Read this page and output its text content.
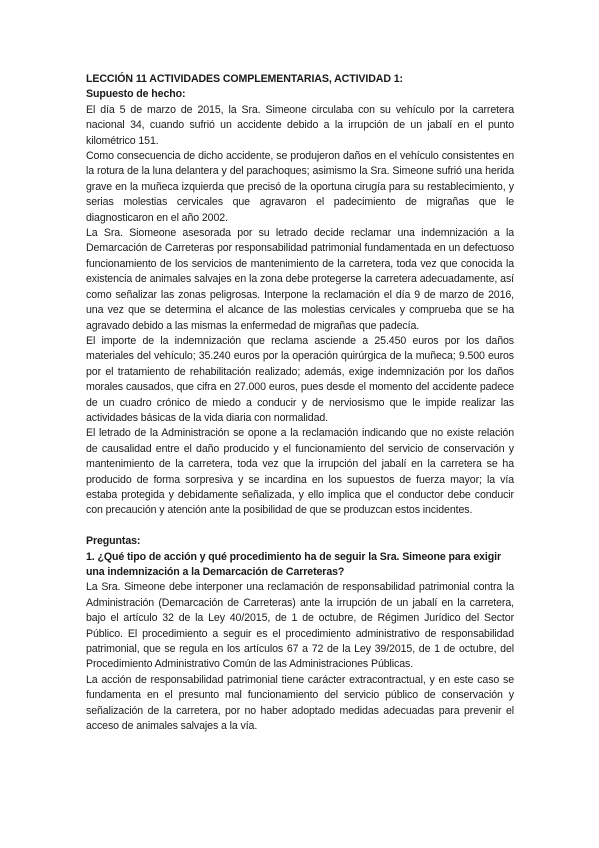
LECCIÓN 11 ACTIVIDADES COMPLEMENTARIAS, ACTIVIDAD 1:

Supuesto de hecho:

El día 5 de marzo de 2015, la Sra. Simeone circulaba con su vehículo por la carretera nacional 34, cuando sufrió un accidente debido a la irrupción de un jabalí en el punto kilométrico 151.

Como consecuencia de dicho accidente, se produjeron daños en el vehículo consistentes en la rotura de la luna delantera y del parachoques; asimismo la Sra. Simeone sufrió una herida grave en la muñeca izquierda que precisó de la oportuna cirugía para su restablecimiento, y serias molestias cervicales que agravaron el padecimiento de migrañas que le diagnosticaron en el año 2002.

La Sra. Siomeone asesorada por su letrado decide reclamar una indemnización a la Demarcación de Carreteras por responsabilidad patrimonial fundamentada en un defectuoso funcionamiento de los servicios de mantenimiento de la carretera, toda vez que conocida la existencia de animales salvajes en la zona debe protegerse la carretera adecuadamente, así como señalizar las zonas peligrosas. Interpone la reclamación el día 9 de marzo de 2016, una vez que se determina el alcance de las molestias cervicales y comprueba que se ha agravado debido a las mismas la enfermedad de migrañas que padecía.

El importe de la indemnización que reclama asciende a 25.450 euros por los daños materiales del vehículo; 35.240 euros por la operación quirúrgica de la muñeca; 9.500 euros por el tratamiento de rehabilitación realizado; además, exige indemnización por los daños morales causados, que cifra en 27.000 euros, pues desde el momento del accidente padece de un cuadro crónico de miedo a conducir y de nerviosismo que le impide realizar las actividades básicas de la vida diaria con normalidad.

El letrado de la Administración se opone a la reclamación indicando que no existe relación de causalidad entre el daño producido y el funcionamiento del servicio de conservación y mantenimiento de la carretera, toda vez que la irrupción del jabalí en la carretera se ha producido de forma sorpresiva y se incardina en los supuestos de fuerza mayor; la vía estaba protegida y debidamente señalizada, y ello implica que el conductor debe conducir con precaución y atención ante la posibilidad de que se produzcan estos incidentes.

Preguntas:

1. ¿Qué tipo de acción y qué procedimiento ha de seguir la Sra. Simeone para exigir una indemnización a la Demarcación de Carreteras?

La Sra. Simeone debe interponer una reclamación de responsabilidad patrimonial contra la Administración (Demarcación de Carreteras) ante la irrupción de un jabalí en la carretera, bajo el artículo 32 de la Ley 40/2015, de 1 de octubre, de Régimen Jurídico del Sector Público. El procedimiento a seguir es el procedimiento administrativo de responsabilidad patrimonial, que se regula en los artículos 67 a 72 de la Ley 39/2015, de 1 de octubre, del Procedimiento Administrativo Común de las Administraciones Públicas.

La acción de responsabilidad patrimonial tiene carácter extracontractual, y en este caso se fundamenta en el presunto mal funcionamiento del servicio público de conservación y señalización de la carretera, por no haber adoptado medidas adecuadas para prevenir el acceso de animales salvajes a la vía.
